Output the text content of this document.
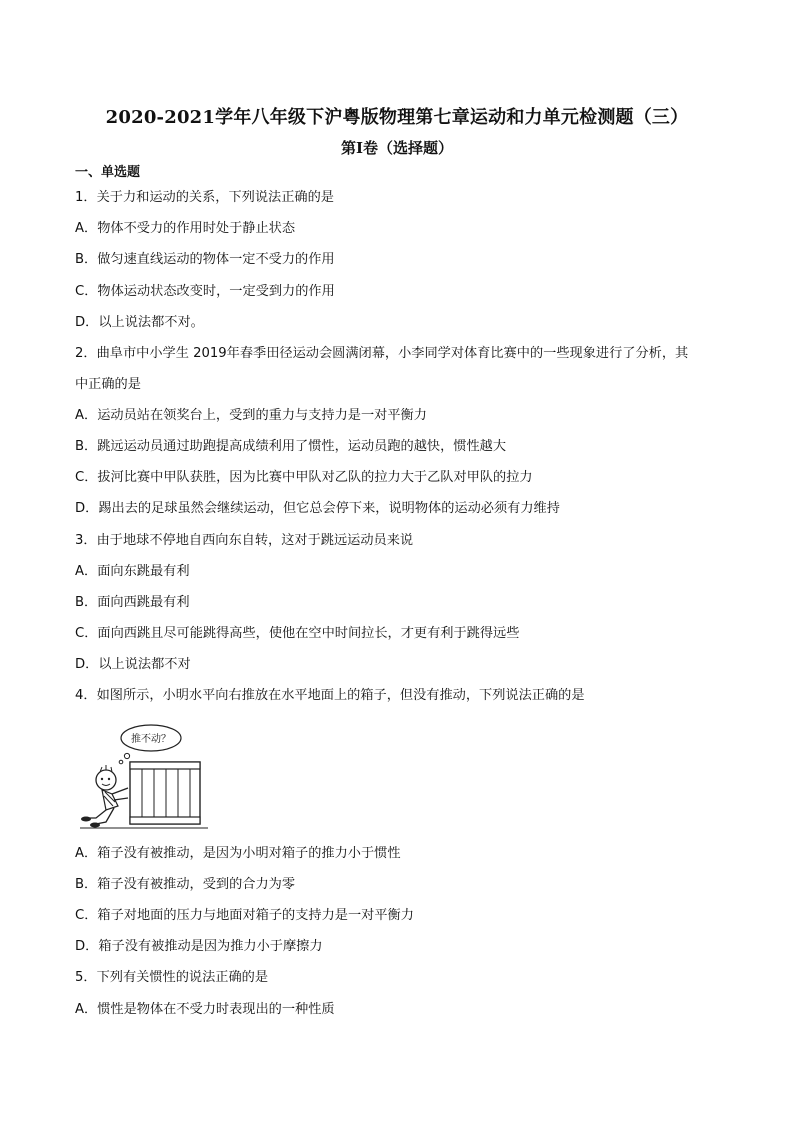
2020-2021学年八年级下沪粤版物理第七章运动和力单元检测题（三）
第I卷（选择题）
一、单选题
1．关于力和运动的关系，下列说法正确的是
A．物体不受力的作用时处于静止状态
B．做匀速直线运动的物体一定不受力的作用
C．物体运动状态改变时，一定受到力的作用
D．以上说法都不对。
2．曲阜市中小学生 2019年春季田径运动会圆满闭幕，小李同学对体育比赛中的一些现象进行了分析，其
中正确的是
A．运动员站在领奖台上，受到的重力与支持力是一对平衡力
B．跳远运动员通过助跑提高成绩利用了惯性，运动员跑的越快，惯性越大
C．拔河比赛中甲队获胜，因为比赛中甲队对乙队的拉力大于乙队对甲队的拉力
D．踢出去的足球虽然会继续运动，但它总会停下来，说明物体的运动必须有力维持
3．由于地球不停地自西向东自转，这对于跳远运动员来说
A．面向东跳最有利
B．面向西跳最有利
C．面向西跳且尽可能跳得高些，使他在空中时间拉长，才更有利于跳得远些
D．以上说法都不对
4．如图所示，小明水平向右推放在水平地面上的箱子，但没有推动，下列说法正确的是
推不动？
A．箱子没有被推动，是因为小明对箱子的推力小于惯性
B．箱子没有被推动，受到的合力为零
C．箱子对地面的压力与地面对箱子的支持力是一对平衡力
D．箱子没有被推动是因为推力小于摩擦力
5．下列有关惯性的说法正确的是
A．惯性是物体在不受力时表现出的一种性质
